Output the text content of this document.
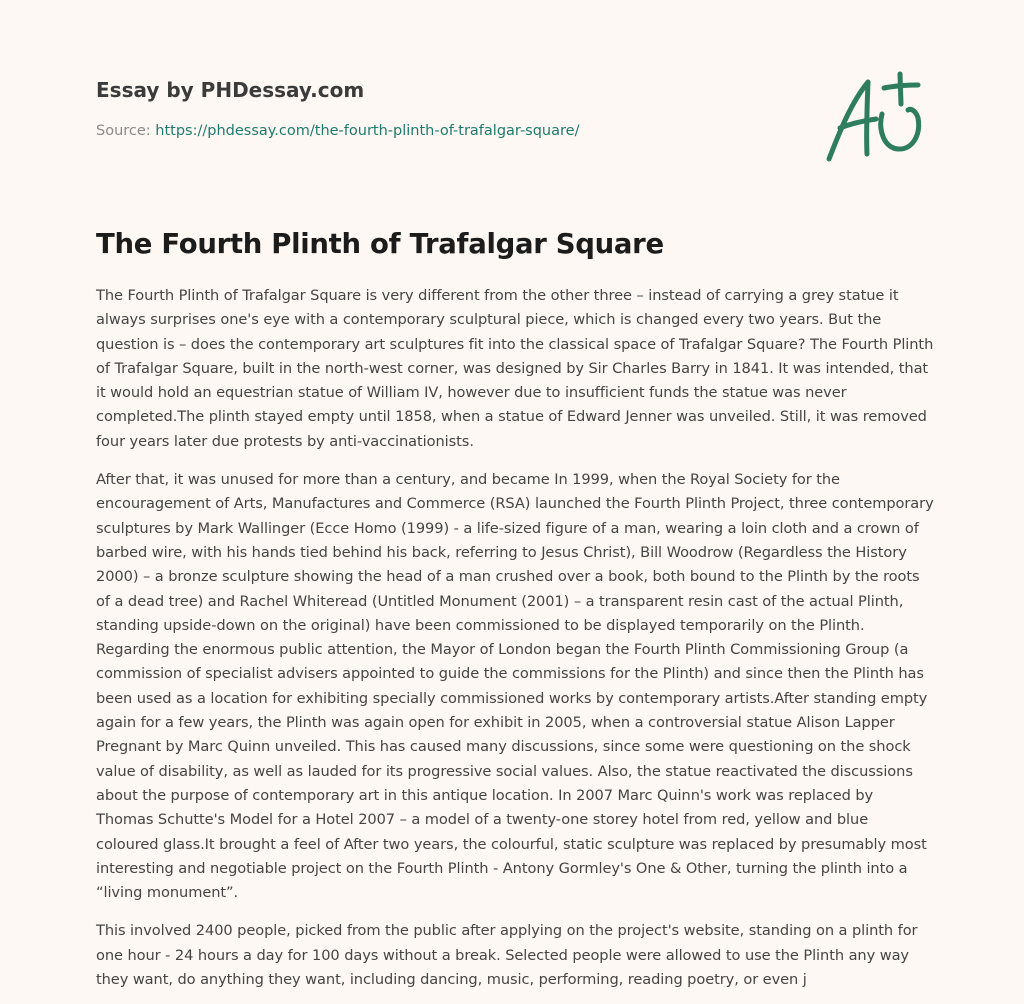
Essay by PHDessay.com
Source: https://phdessay.com/the-fourth-plinth-of-trafalgar-square/
The Fourth Plinth of Trafalgar Square

The Fourth Plinth of Trafalgar Square is very different from the other three – instead of carrying a grey statue it always surprises one's eye with a contemporary sculptural piece, which is changed every two years. But the question is – does the contemporary art sculptures fit into the classical space of Trafalgar Square? The Fourth Plinth of Trafalgar Square, built in the north-west corner, was designed by Sir Charles Barry in 1841. It was intended, that it would hold an equestrian statue of William IV, however due to insufficient funds the statue was never completed.The plinth stayed empty until 1858, when a statue of Edward Jenner was unveiled. Still, it was removed four years later due protests by anti-vaccinationists.

After that, it was unused for more than a century, and became In 1999, when the Royal Society for the encouragement of Arts, Manufactures and Commerce (RSA) launched the Fourth Plinth Project, three contemporary sculptures by Mark Wallinger (Ecce Homo (1999) - a life-sized figure of a man, wearing a loin cloth and a crown of barbed wire, with his hands tied behind his back, referring to Jesus Christ), Bill Woodrow (Regardless the History 2000) – a bronze sculpture showing the head of a man crushed over a book, both bound to the Plinth by the roots of a dead tree) and Rachel Whiteread (Untitled Monument (2001) – a transparent resin cast of the actual Plinth, standing upside-down on the original) have been commissioned to be displayed temporarily on the Plinth. Regarding the enormous public attention, the Mayor of London began the Fourth Plinth Commissioning Group (a commission of specialist advisers appointed to guide the commissions for the Plinth) and since then the Plinth has been used as a location for exhibiting specially commissioned works by contemporary artists.After standing empty again for a few years, the Plinth was again open for exhibit in 2005, when a controversial statue Alison Lapper Pregnant by Marc Quinn unveiled. This has caused many discussions, since some were questioning on the shock value of disability, as well as lauded for its progressive social values. Also, the statue reactivated the discussions about the purpose of contemporary art in this antique location. In 2007 Marc Quinn's work was replaced by Thomas Schutte's Model for a Hotel 2007 – a model of a twenty-one storey hotel from red, yellow and blue coloured glass.It brought a feel of After two years, the colourful, static sculpture was replaced by presumably most interesting and negotiable project on the Fourth Plinth - Antony Gormley's One & Other, turning the plinth into a “living monument”.

This involved 2400 people, picked from the public after applying on the project's website, standing on a plinth for one hour - 24 hours a day for 100 days without a break. Selected people were allowed to use the Plinth any way they want, do anything they want, including dancing, music, performing, reading poetry, or even j
